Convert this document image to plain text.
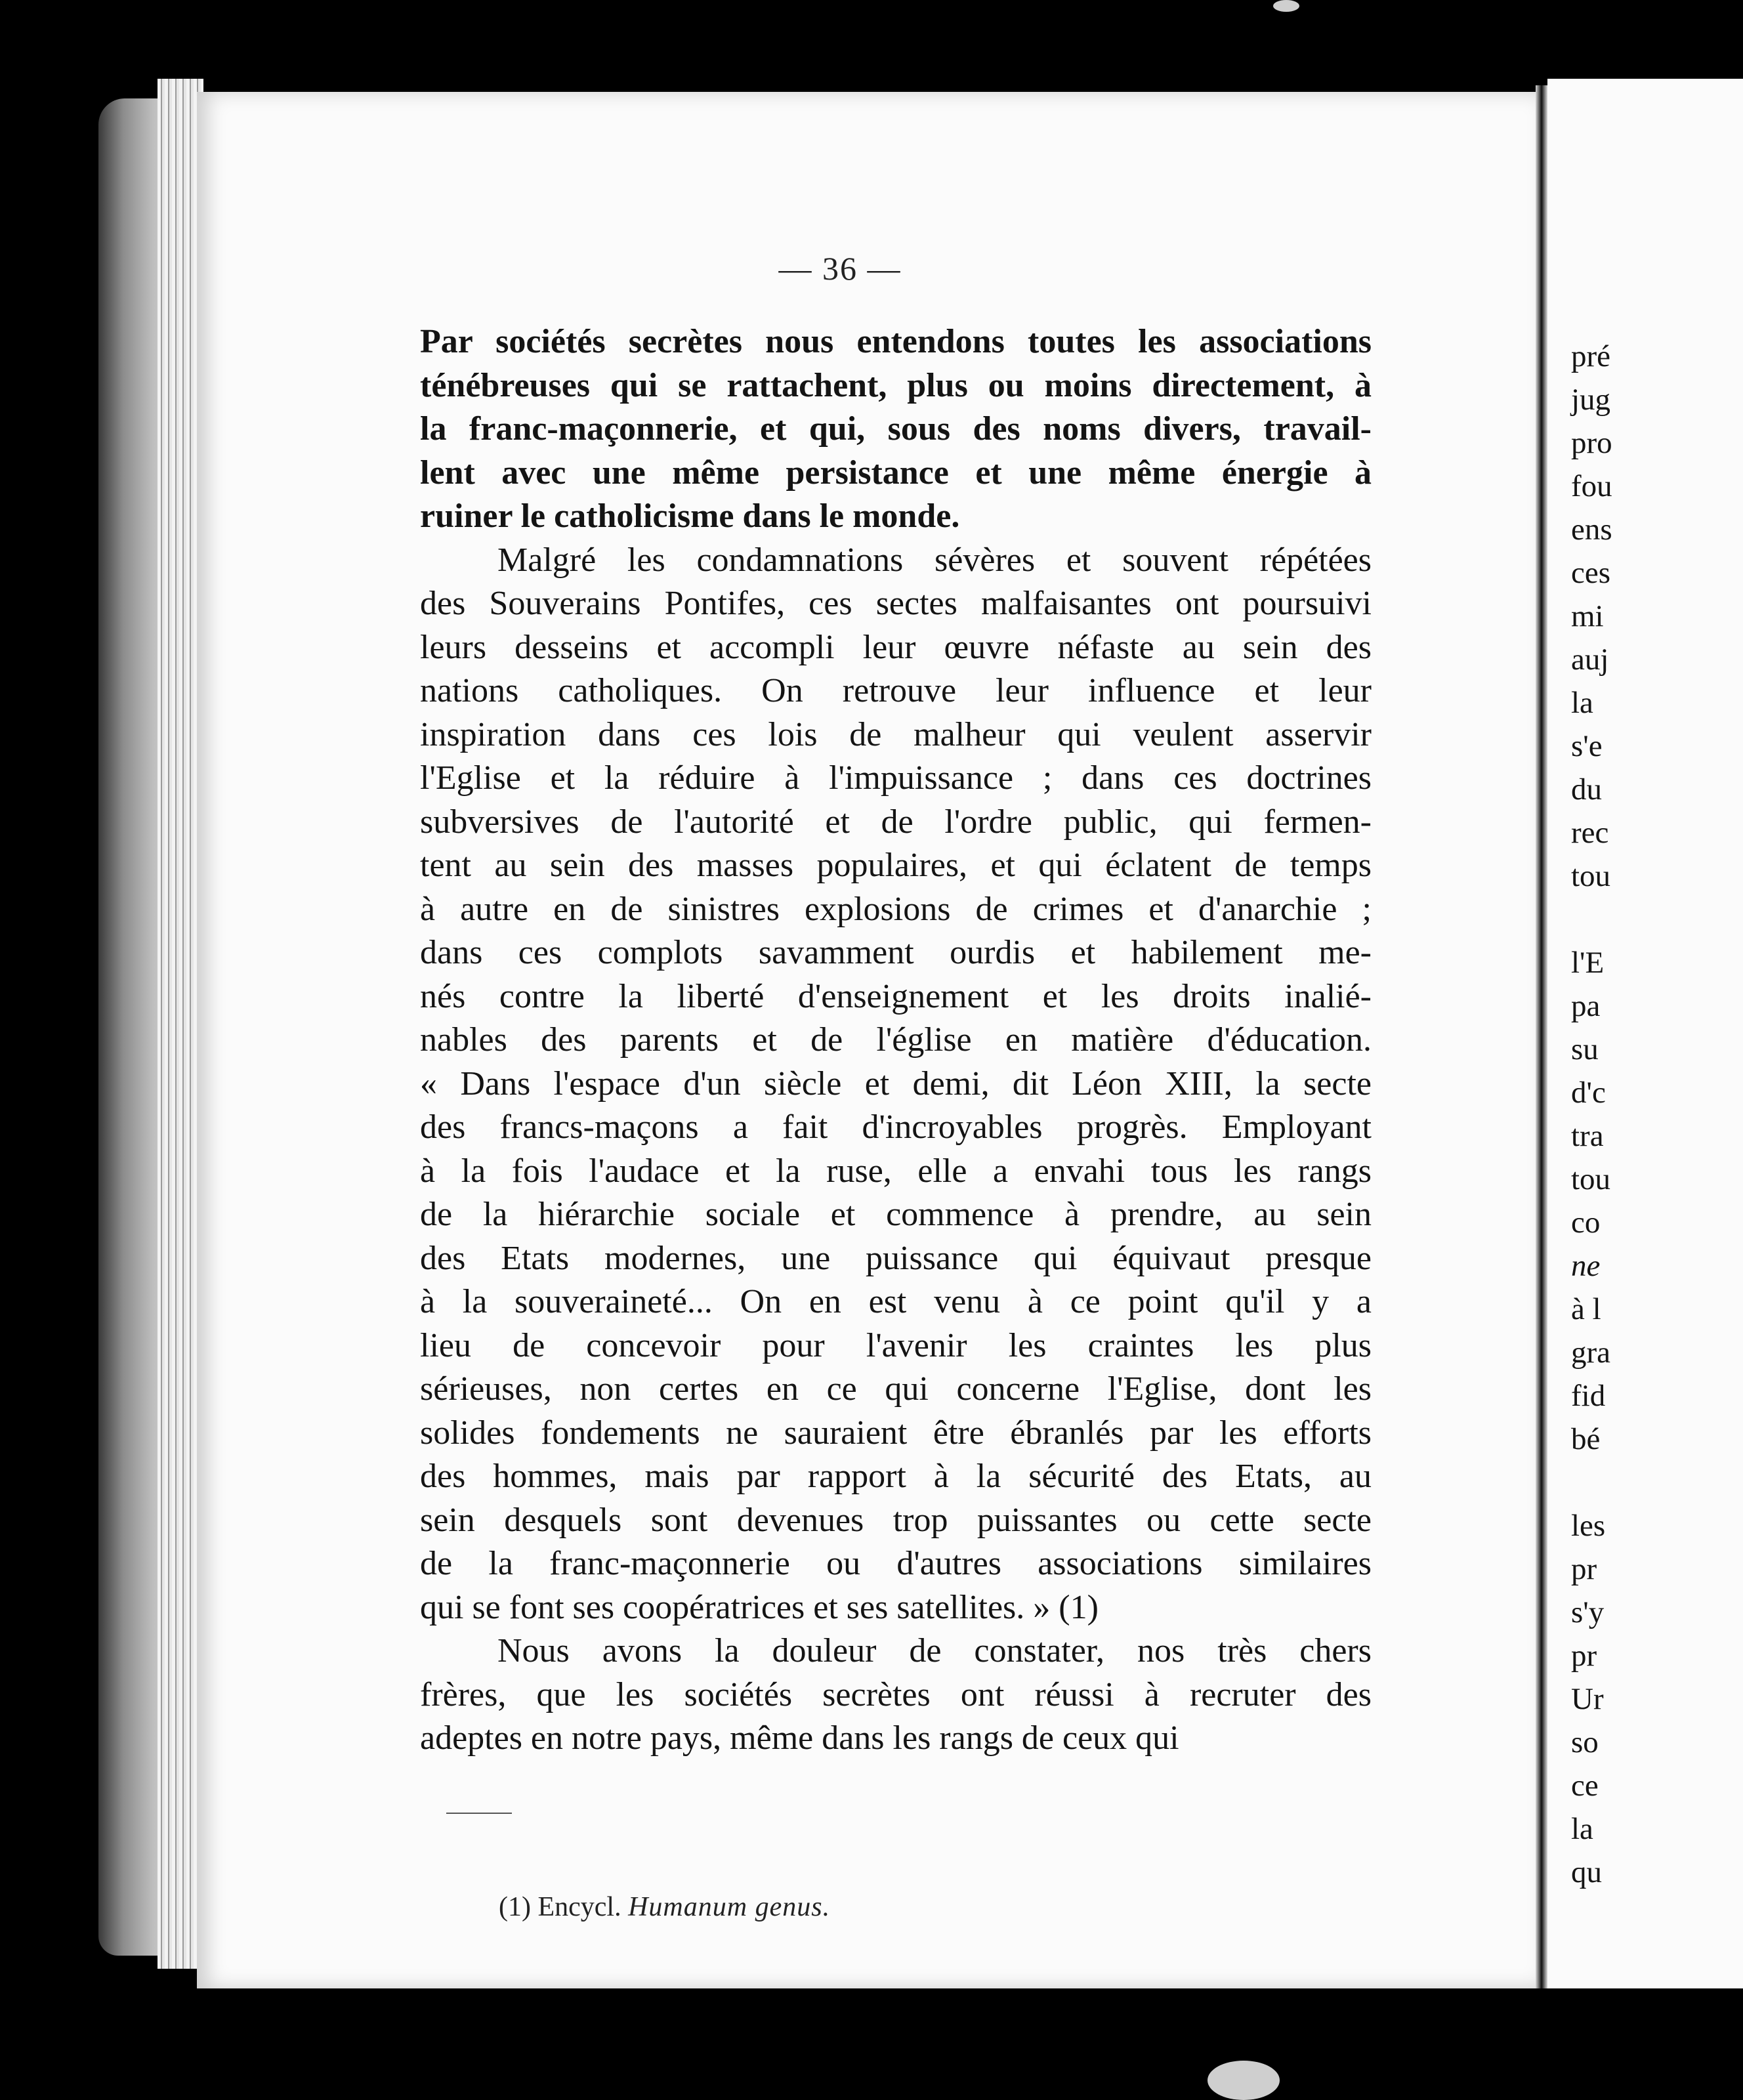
— 36 —
Par sociétés secrètes nous entendons toutes les associations
ténébreuses qui se rattachent, plus ou moins directement, à
la franc-maçonnerie, et qui, sous des noms divers, travail-
lent avec une même persistance et une même énergie à
ruiner le catholicisme dans le monde.
Malgré les condamnations sévères et souvent répétées
des Souverains Pontifes, ces sectes malfaisantes ont poursuivi
leurs desseins et accompli leur œuvre néfaste au sein des
nations catholiques. On retrouve leur influence et leur
inspiration dans ces lois de malheur qui veulent asservir
l'Eglise et la réduire à l'impuissance ; dans ces doctrines
subversives de l'autorité et de l'ordre public, qui fermen-
tent au sein des masses populaires, et qui éclatent de temps
à autre en de sinistres explosions de crimes et d'anarchie ;
dans ces complots savamment ourdis et habilement me-
nés contre la liberté d'enseignement et les droits inalié-
nables des parents et de l'église en matière d'éducation.
« Dans l'espace d'un siècle et demi, dit Léon XIII, la secte
des francs-maçons a fait d'incroyables progrès. Employant
à la fois l'audace et la ruse, elle a envahi tous les rangs
de la hiérarchie sociale et commence à prendre, au sein
des Etats modernes, une puissance qui équivaut presque
à la souveraineté... On en est venu à ce point qu'il y a
lieu de concevoir pour l'avenir les craintes les plus
sérieuses, non certes en ce qui concerne l'Eglise, dont les
solides fondements ne sauraient être ébranlés par les efforts
des hommes, mais par rapport à la sécurité des Etats, au
sein desquels sont devenues trop puissantes ou cette secte
de la franc-maçonnerie ou d'autres associations similaires
qui se font ses coopératrices et ses satellites. » (1)
Nous avons la douleur de constater, nos très chers
frères, que les sociétés secrètes ont réussi à recruter des
adeptes en notre pays, même dans les rangs de ceux qui
(1) Encycl. Humanum genus.
pré
jug
pro
fou
ens
ces
mi
auj
la
s'e
du
rec
tou
l'E
pa
su
d'c
tra
tou
co
ne
à l
gra
fid
bé
les
pr
s'y
pr
Ur
so
ce
la
qu
